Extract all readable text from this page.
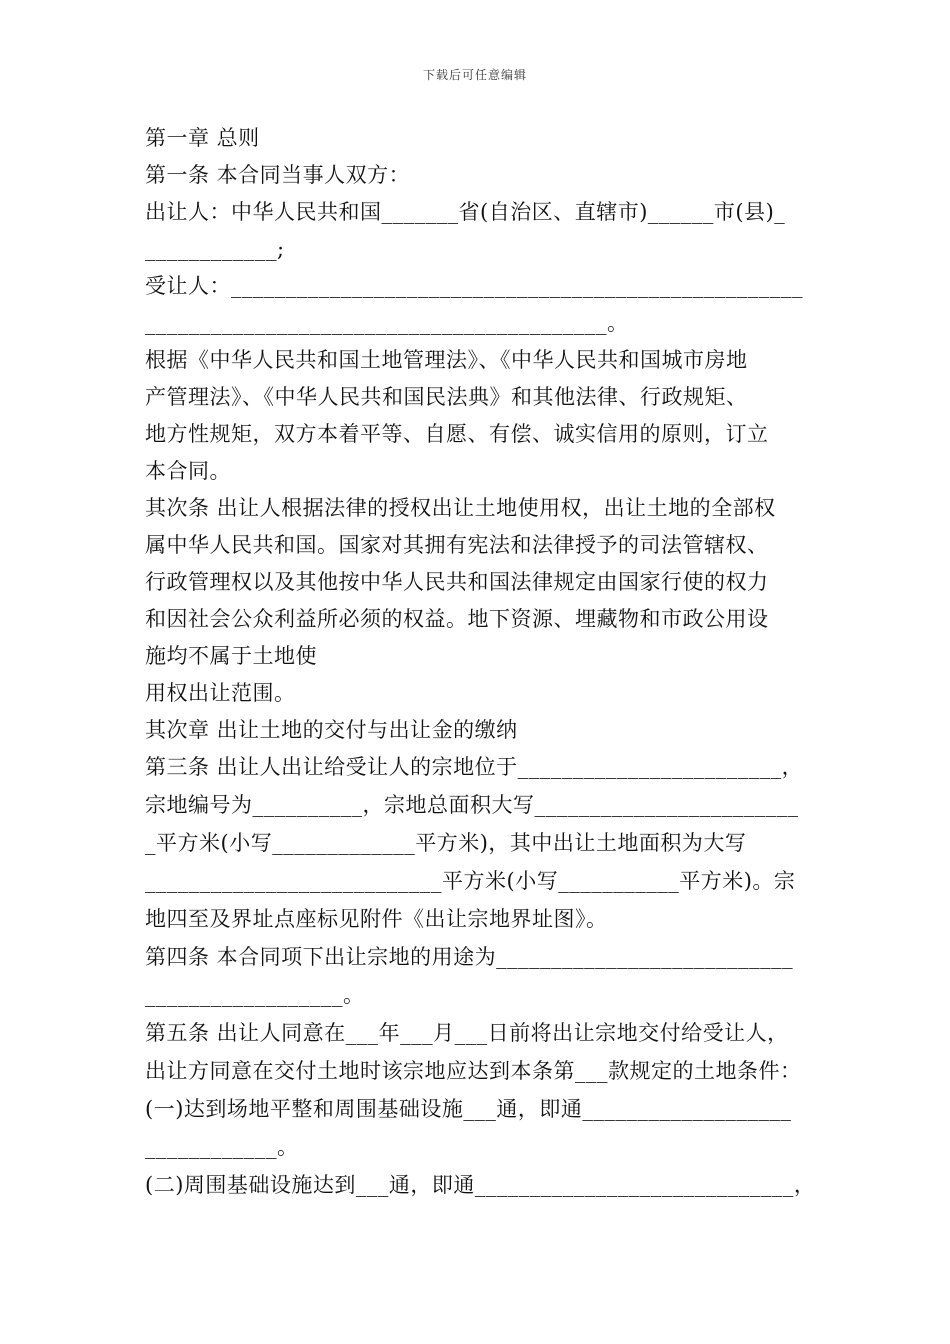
下载后可任意编辑
第一章 总则
第一条 本合同当事人双方：
出让人：中华人民共和国_______省(自治区、直辖市)______市(县)_
____________;
受让人：____________________________________________________
__________________________________________。
根据《中华人民共和国土地管理法》、《中华人民共和国城市房地
产管理法》、《中华人民共和国民法典》和其他法律、行政规矩、
地方性规矩，双方本着平等、自愿、有偿、诚实信用的原则，订立
本合同。
其次条 出让人根据法律的授权出让土地使用权，出让土地的全部权
属中华人民共和国。国家对其拥有宪法和法律授予的司法管辖权、
行政管理权以及其他按中华人民共和国法律规定由国家行使的权力
和因社会公众利益所必须的权益。地下资源、埋藏物和市政公用设
施均不属于土地使
用权出让范围。
其次章 出让土地的交付与出让金的缴纳
第三条 出让人出让给受让人的宗地位于________________________，
宗地编号为__________，宗地总面积大写________________________
_平方米(小写_____________平方米)，其中出让土地面积为大写
___________________________平方米(小写___________平方米)。宗
地四至及界址点座标见附件《出让宗地界址图》。
第四条 本合同项下出让宗地的用途为___________________________
__________________。
第五条 出让人同意在___年___月___日前将出让宗地交付给受让人，
出让方同意在交付土地时该宗地应达到本条第___款规定的土地条件：
(一)达到场地平整和周围基础设施___通，即通___________________
____________。
(二)周围基础设施达到___通，即通_____________________________，
